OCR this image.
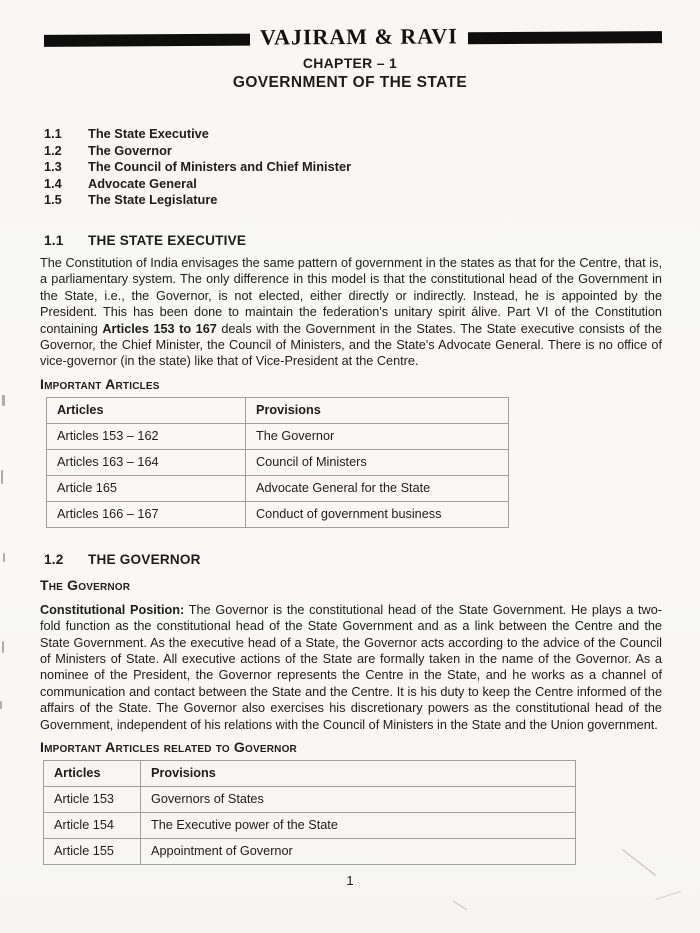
VAJIRAM & RAVI
CHAPTER – 1
GOVERNMENT OF THE STATE
1.1	The State Executive
1.2	The Governor
1.3	The Council of Ministers and Chief Minister
1.4	Advocate General
1.5	The State Legislature
1.1	THE STATE EXECUTIVE

The Constitution of India envisages the same pattern of government in the states as that for the Centre, that is, a parliamentary system. The only difference in this model is that the constitutional head of the Government in the State, i.e., the Governor, is not elected, either directly or indirectly. Instead, he is appointed by the President. This has been done to maintain the federation's unitary spirit álive. Part VI of the Constitution containing Articles 153 to 167 deals with the Government in the States. The State executive consists of the Governor, the Chief Minister, the Council of Ministers, and the State's Advocate General. There is no office of vice-governor (in the state) like that of Vice-President at the Centre.

Important Articles
Articles	Provisions
Articles 153 – 162	The Governor
Articles 163 – 164	Council of Ministers
Article 165	Advocate General for the State
Articles 166 – 167	Conduct of government business
1.2	THE GOVERNOR
The Governor

Constitutional Position: The Governor is the constitutional head of the State Government. He plays a two-fold function as the constitutional head of the State Government and as a link between the Centre and the State Government. As the executive head of a State, the Governor acts according to the advice of the Council of Ministers of State. All executive actions of the State are formally taken in the name of the Governor. As a nominee of the President, the Governor represents the Centre in the State, and he works as a channel of communication and contact between the State and the Centre. It is his duty to keep the Centre informed of the affairs of the State. The Governor also exercises his discretionary powers as the constitutional head of the Government, independent of his relations with the Council of Ministers in the State and the Union government.

Important Articles related to Governor
Articles	Provisions
Article 153	Governors of States
Article 154	The Executive power of the State
Article 155	Appointment of Governor
1
